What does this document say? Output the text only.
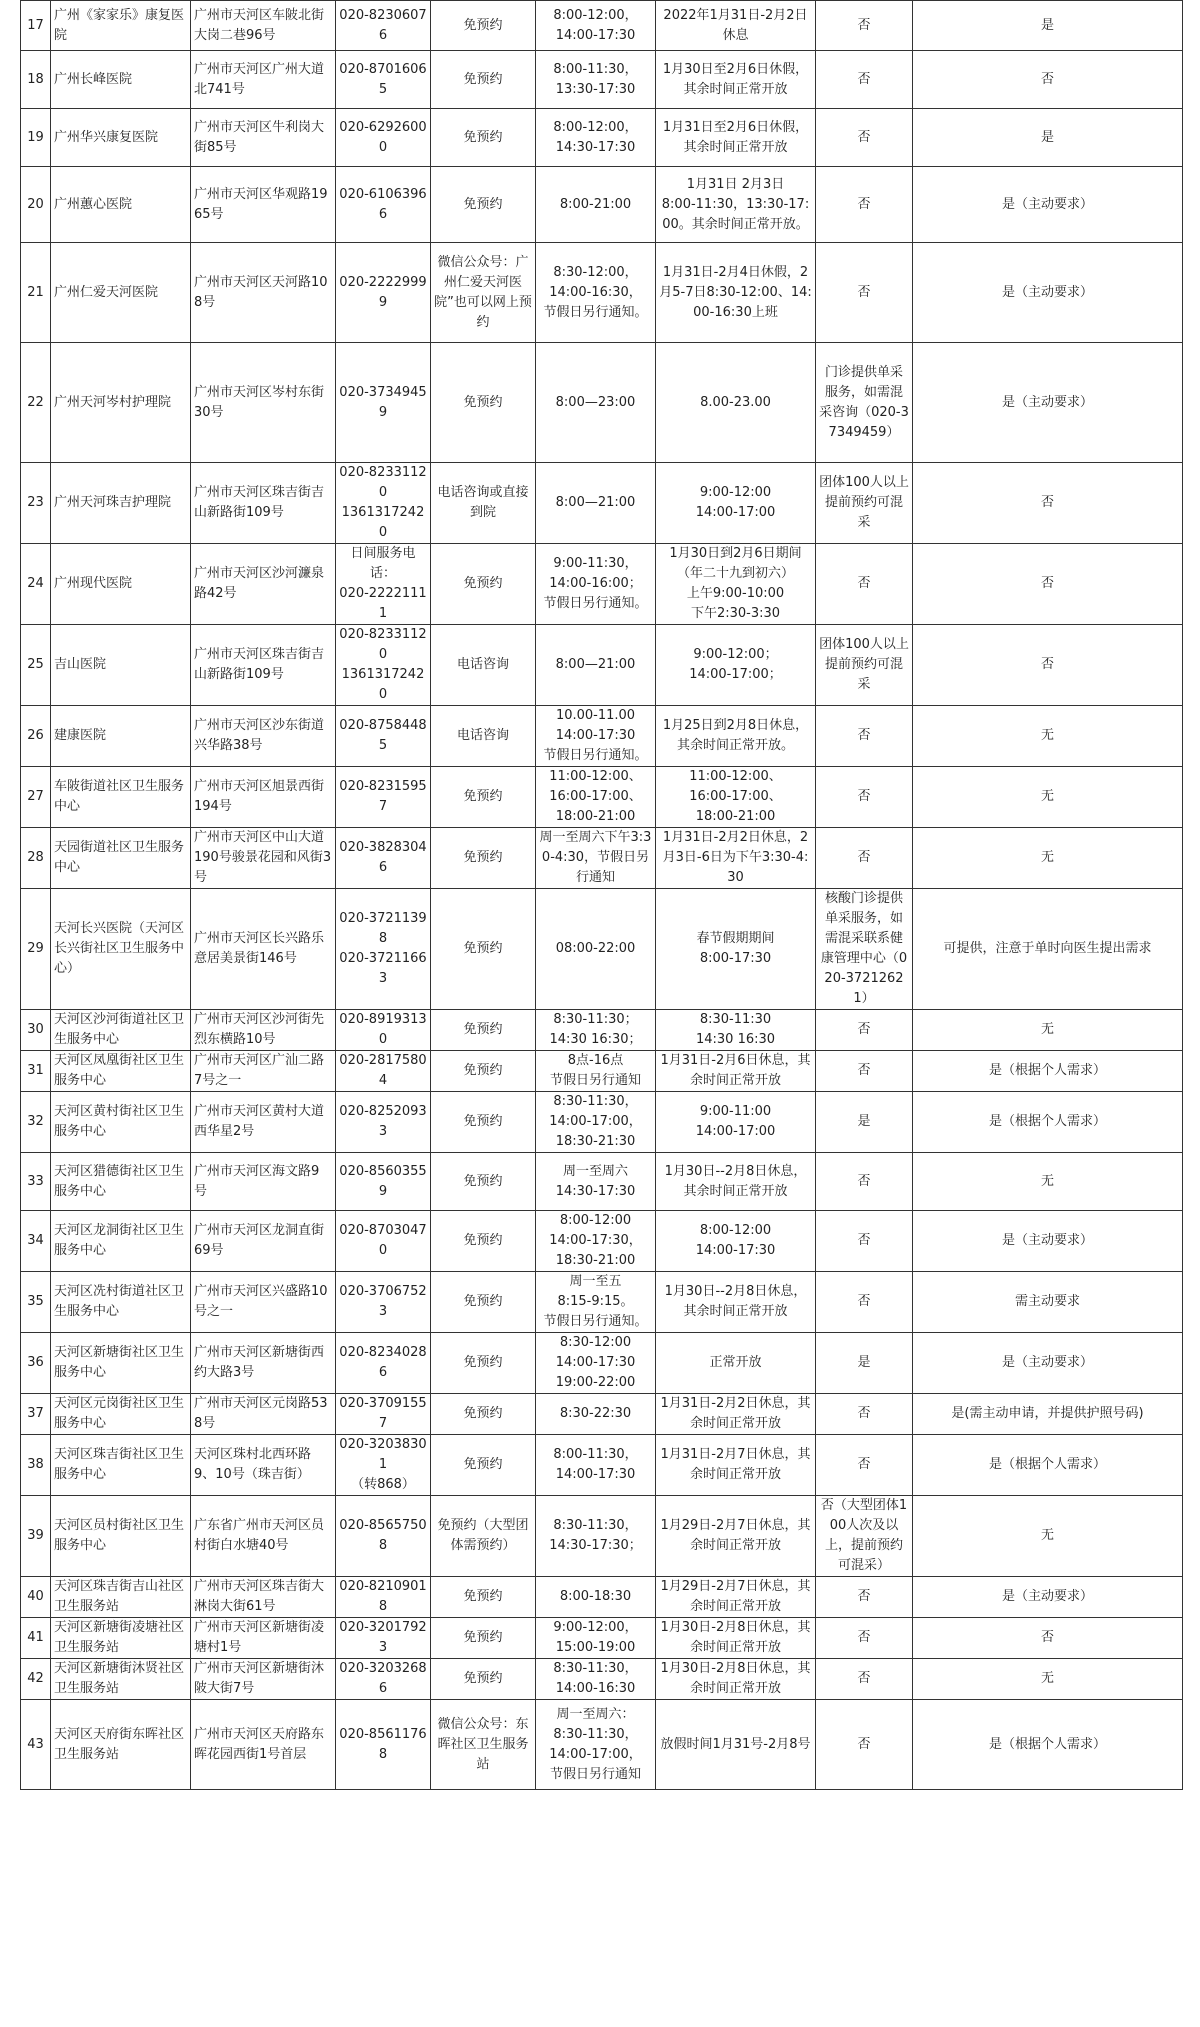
17	广州《家家乐》康复医院	广州市天河区车陂北街大岗二巷96号	020-82306076	免预约	8:00-12:00，
14:00-17:30	2022年1月31日-2月2日休息	否	是
18	广州长峰医院	广州市天河区广州大道北741号	020-87016065	免预约	8:00-11:30，
13:30-17:30	1月30日至2月6日休假，其余时间正常开放	否	否
19	广州华兴康复医院	广州市天河区牛利岗大街85号	020-62926000	免预约	8:00-12:00，
14:30-17:30	1月31日至2月6日休假，其余时间正常开放	否	是
20	广州蕙心医院	广州市天河区华观路1965号	020-61063966	免预约	8:00-21:00	1月31日 2月3日
8:00-11:30，13:30-17:00。其余时间正常开放。	否	是（主动要求）
21	广州仁爱天河医院	广州市天河区天河路108号	020-22229999	微信公众号：广州仁爱天河医院”也可以网上预约	8:30-12:00，
14:00-16:30，
节假日另行通知。	1月31日-2月4日休假，2月5-7日8:30-12:00、14:00-16:30上班	否	是（主动要求）
22	广州天河岑村护理院	广州市天河区岑村东街30号	020-37349459	免预约	8:00—23:00	8.00-23.00	门诊提供单采服务，如需混采咨询（020-37349459）	是（主动要求）
23	广州天河珠吉护理院	广州市天河区珠吉街吉山新路街109号	020-82331120
13613172420	电话咨询或直接到院	8:00—21:00	9:00-12:00
14:00-17:00	团体100人以上提前预约可混采	否
24	广州现代医院	广州市天河区沙河濂泉路42号	日间服务电话：
020-22221111	免预约	9:00-11:30，
14:00-16:00；
节假日另行通知。	1月30日到2月6日期间（年二十九到初六）
上午9:00-10:00
下午2:30-3:30	否	否
25	吉山医院	广州市天河区珠吉街吉山新路街109号	020-82331120
13613172420	电话咨询	8:00—21:00	9:00-12:00；
14:00-17:00；	团体100人以上提前预约可混采	否
26	建康医院	广州市天河区沙东街道兴华路38号	020-87584485	电话咨询	10.00-11.00
14:00-17:30
节假日另行通知。	1月25日到2月8日休息，其余时间正常开放。	否	无
27	车陂街道社区卫生服务中心	广州市天河区旭景西街194号	020-82315957	免预约	11:00-12:00、
16:00-17:00、
18:00-21:00	11:00-12:00、
16:00-17:00、
18:00-21:00	否	无
28	天园街道社区卫生服务中心	广州市天河区中山大道190号骏景花园和风街3号	020-38283046	免预约	周一至周六下午3:30-4:30，节假日另行通知	1月31日-2月2日休息，2月3日-6日为下午3:30-4:30	否	无
29	天河长兴医院（天河区长兴街社区卫生服务中心）	广州市天河区长兴路乐意居美景街146号	020-37211398
020-37211663	免预约	08:00-22:00	春节假期期间
8:00-17:30	核酸门诊提供单采服务，如需混采联系健康管理中心（020-37212621）	可提供，注意于单时向医生提出需求
30	天河区沙河街道社区卫生服务中心	广州市天河区沙河街先烈东横路10号	020-89193130	免预约	8:30-11:30；
14:30 16:30；	8:30-11:30
14:30 16:30	否	无
31	天河区凤凰街社区卫生服务中心	广州市天河区广汕二路7号之一	020-28175804	免预约	8点-16点
节假日另行通知	1月31日-2月6日休息，其余时间正常开放	否	是（根据个人需求）
32	天河区黄村街社区卫生服务中心	广州市天河区黄村大道西华星2号	020-82520933	免预约	8:30-11:30，
14:00-17:00，
18:30-21:30	9:00-11:00
14:00-17:00	是	是（根据个人需求）
33	天河区猎德街社区卫生服务中心	广州市天河区海文路9号	020-85603559	免预约	周一至周六
14:30-17:30	1月30日--2月8日休息，其余时间正常开放	否	无
34	天河区龙洞街社区卫生服务中心	广州市天河区龙洞直街69号	020-87030470	免预约	8:00-12:00
14:00-17:30，
18:30-21:00	8:00-12:00
14:00-17:30	否	是（主动要求）
35	天河区冼村街道社区卫生服务中心	广州市天河区兴盛路10号之一	020-37067523	免预约	周一至五
8:15-9:15。
节假日另行通知。	1月30日--2月8日休息，其余时间正常开放	否	需主动要求
36	天河区新塘街社区卫生服务中心	广州市天河区新塘街西约大路3号	020-82340286	免预约	8:30-12:00
14:00-17:30
19:00-22:00	正常开放	是	是（主动要求）
37	天河区元岗街社区卫生服务中心	广州市天河区元岗路538号	020-37091557	免预约	8:30-22:30	1月31日-2月2日休息，其余时间正常开放	否	是(需主动申请，并提供护照号码)
38	天河区珠吉街社区卫生服务中心	天河区珠村北西环路9、10号（珠吉街）	020-32038301
（转868）	免预约	8:00-11:30，
14:00-17:30	1月31日-2月7日休息，其余时间正常开放	否	是（根据个人需求）
39	天河区员村街社区卫生服务中心	广东省广州市天河区员村街白水塘40号	020-85657508	免预约（大型团体需预约）	8:30-11:30，
14:30-17:30；	1月29日-2月7日休息，其余时间正常开放	否（大型团体100人次及以上，提前预约可混采）	无
40	天河区珠吉街吉山社区卫生服务站	广州市天河区珠吉街大淋岗大街61号	020-82109018	免预约	8:00-18:30	1月29日-2月7日休息，其余时间正常开放	否	是（主动要求）
41	天河区新塘街凌塘社区卫生服务站	广州市天河区新塘街凌塘村1号	020-32017923	免预约	9:00-12:00，
15:00-19:00	1月30日-2月8日休息，其余时间正常开放	否	否
42	天河区新塘街沐贤社区卫生服务站	广州市天河区新塘街沐陂大街7号	020-32032686	免预约	8:30-11:30，
14:00-16:30	1月30日-2月8日休息，其余时间正常开放	否	无
43	天河区天府街东晖社区卫生服务站	广州市天河区天府路东晖花园西街1号首层	020-85611768	微信公众号：东晖社区卫生服务站	周一至周六：
8:30-11:30，
14:00-17:00，
节假日另行通知	放假时间1月31号-2月8号	否	是（根据个人需求）
